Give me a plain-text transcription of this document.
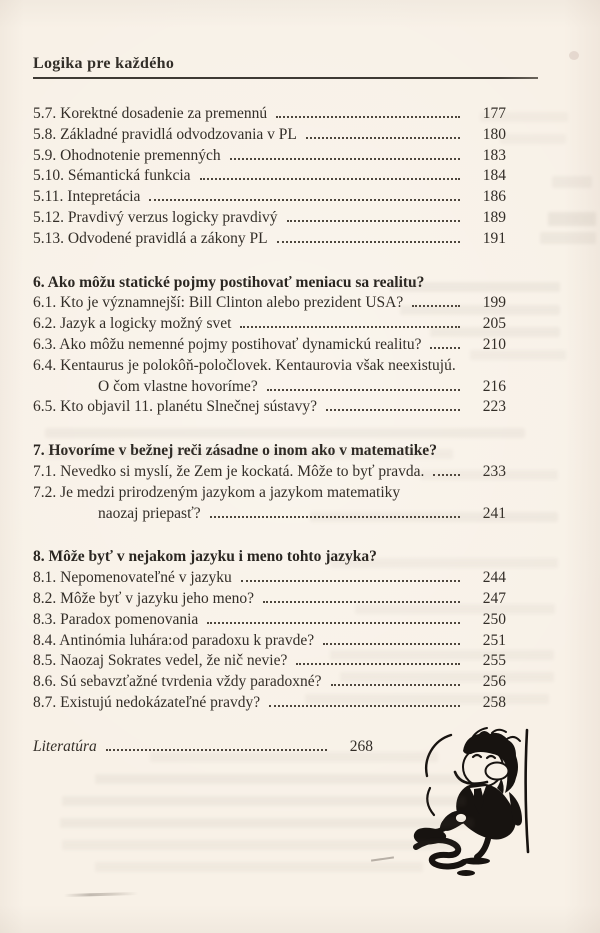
Logika pre každého
5.7. Korektné dosadenie za premennú	177
5.8. Základné pravidlá odvodzovania v PL	180
5.9. Ohodnotenie premenných	183
5.10. Sémantická funkcia	184
5.11. Intepretácia	186
5.12. Pravdivý verzus logicky pravdivý	189
5.13. Odvodené pravidlá a zákony PL	191
6. Ako môžu statické pojmy postihovať meniacu sa realitu?
6.1. Kto je významnejší: Bill Clinton alebo prezident USA?	199
6.2. Jazyk a logicky možný svet	205
6.3. Ako môžu nemenné pojmy postihovať dynamickú realitu?	210
6.4. Kentaurus je polokôň-poločlovek. Kentaurovia však neexistujú.
O čom vlastne hovoríme?	216
6.5. Kto objavil 11. planétu Slnečnej sústavy?	223
7. Hovoríme v bežnej reči zásadne o inom ako v matematike?
7.1. Nevedko si myslí, že Zem je kockatá. Môže to byť pravda.	233
7.2. Je medzi prirodzeným jazykom a jazykom matematiky
naozaj priepasť?	241
8. Môže byť v nejakom jazyku i meno tohto jazyka?
8.1. Nepomenovateľné v jazyku	244
8.2. Môže byť v jazyku jeho meno?	247
8.3. Paradox pomenovania	250
8.4. Antinómia luhára:od paradoxu k pravde?	251
8.5. Naozaj Sokrates vedel, že nič nevie?	255
8.6. Sú sebavzťažné tvrdenia vždy paradoxné?	256
8.7. Existujú nedokázateľné pravdy?	258
Literatúra	268
